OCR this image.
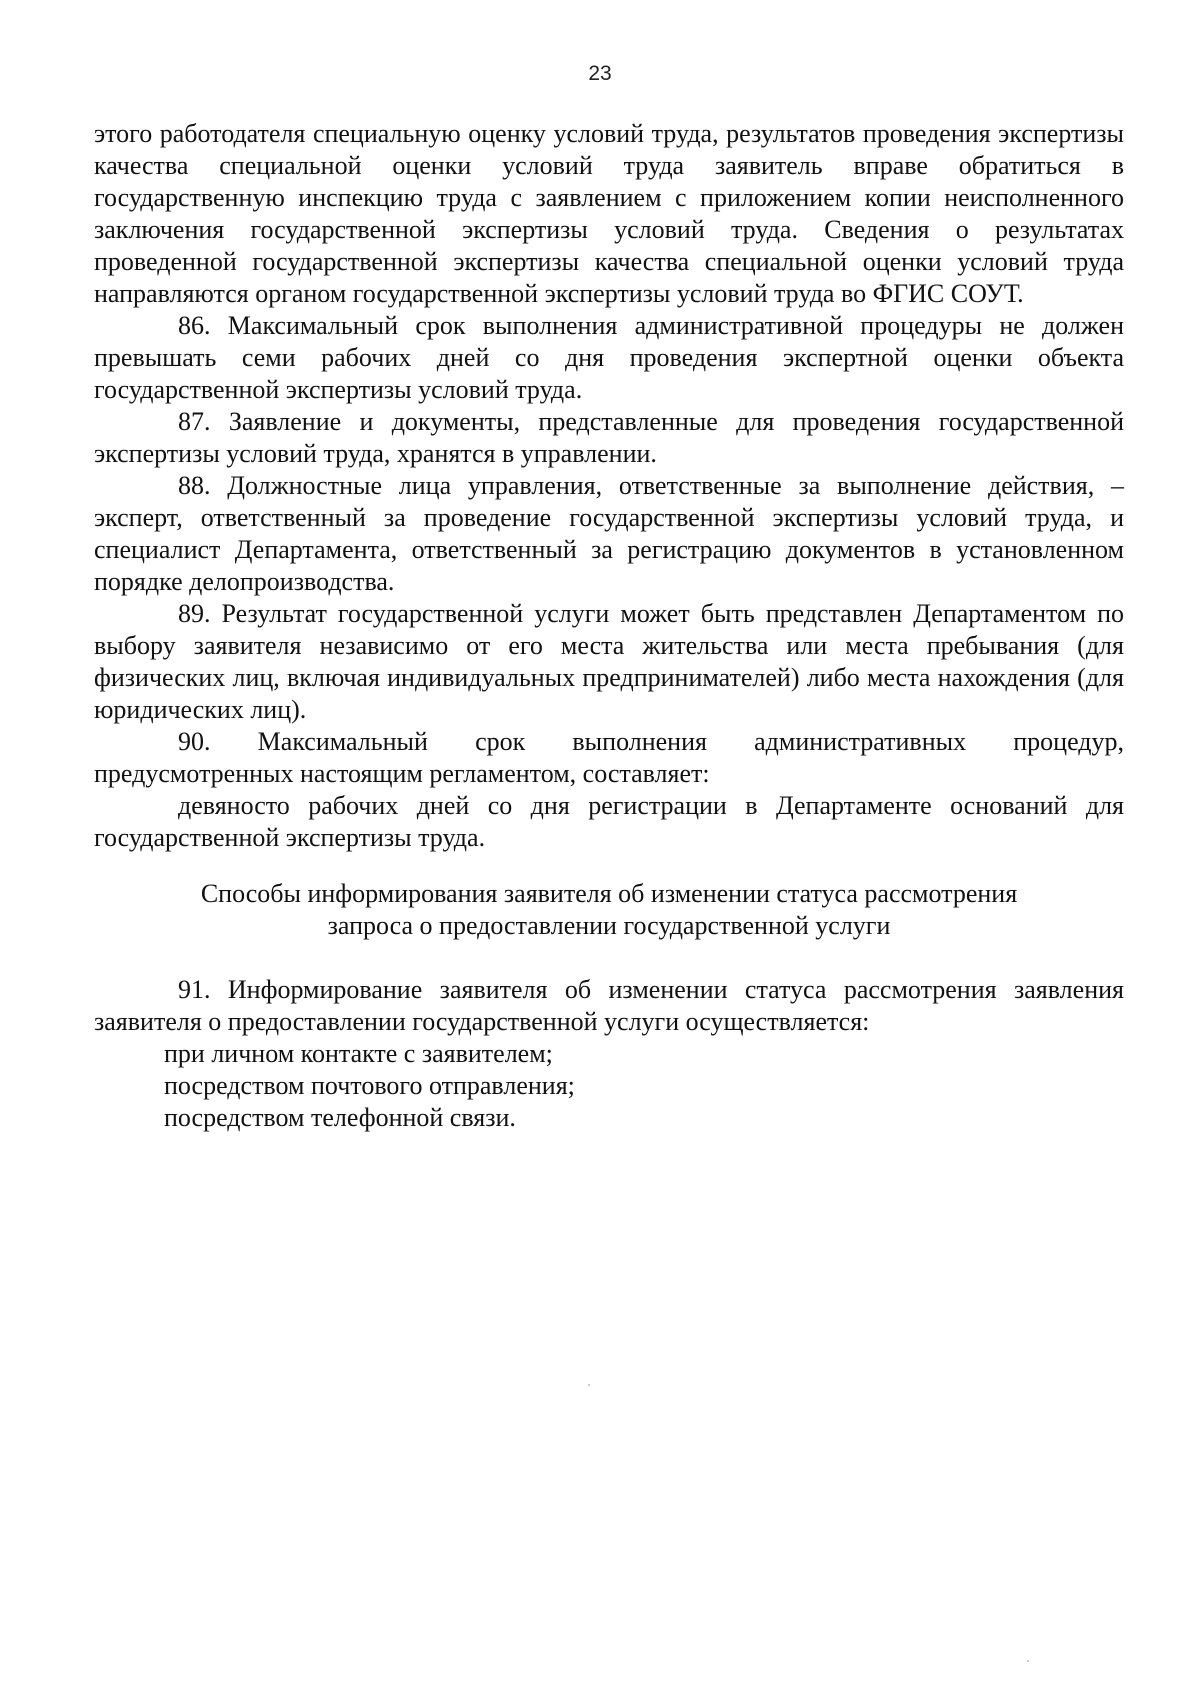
23

этого работодателя специальную оценку условий труда, результатов проведения экспертизы качества специальной оценки условий труда заявитель вправе обратиться в государственную инспекцию труда с заявлением с приложением копии неисполненного заключения государственной экспертизы условий труда. Сведения о результатах проведенной государственной экспертизы качества специальной оценки условий труда направляются органом государственной экспертизы условий труда во ФГИС СОУТ.

86. Максимальный срок выполнения административной процедуры не должен превышать семи рабочих дней со дня проведения экспертной оценки объекта государственной экспертизы условий труда.

87. Заявление и документы, представленные для проведения государственной экспертизы условий труда, хранятся в управлении.

88. Должностные лица управления, ответственные за выполнение действия, – эксперт, ответственный за проведение государственной экспертизы условий труда, и специалист Департамента, ответственный за регистрацию документов в установленном порядке делопроизводства.

89. Результат государственной услуги может быть представлен Департаментом по выбору заявителя независимо от его места жительства или места пребывания (для физических лиц, включая индивидуальных предпринимателей) либо места нахождения (для юридических лиц).

90. Максимальный срок выполнения административных процедур, предусмотренных настоящим регламентом, составляет:

девяносто рабочих дней со дня регистрации в Департаменте оснований для государственной экспертизы труда.

Способы информирования заявителя об изменении статуса рассмотрения
запроса о предоставлении государственной услуги

91. Информирование заявителя об изменении статуса рассмотрения заявления заявителя о предоставлении государственной услуги осуществляется:

при личном контакте с заявителем;

посредством почтового отправления;

посредством телефонной связи.
